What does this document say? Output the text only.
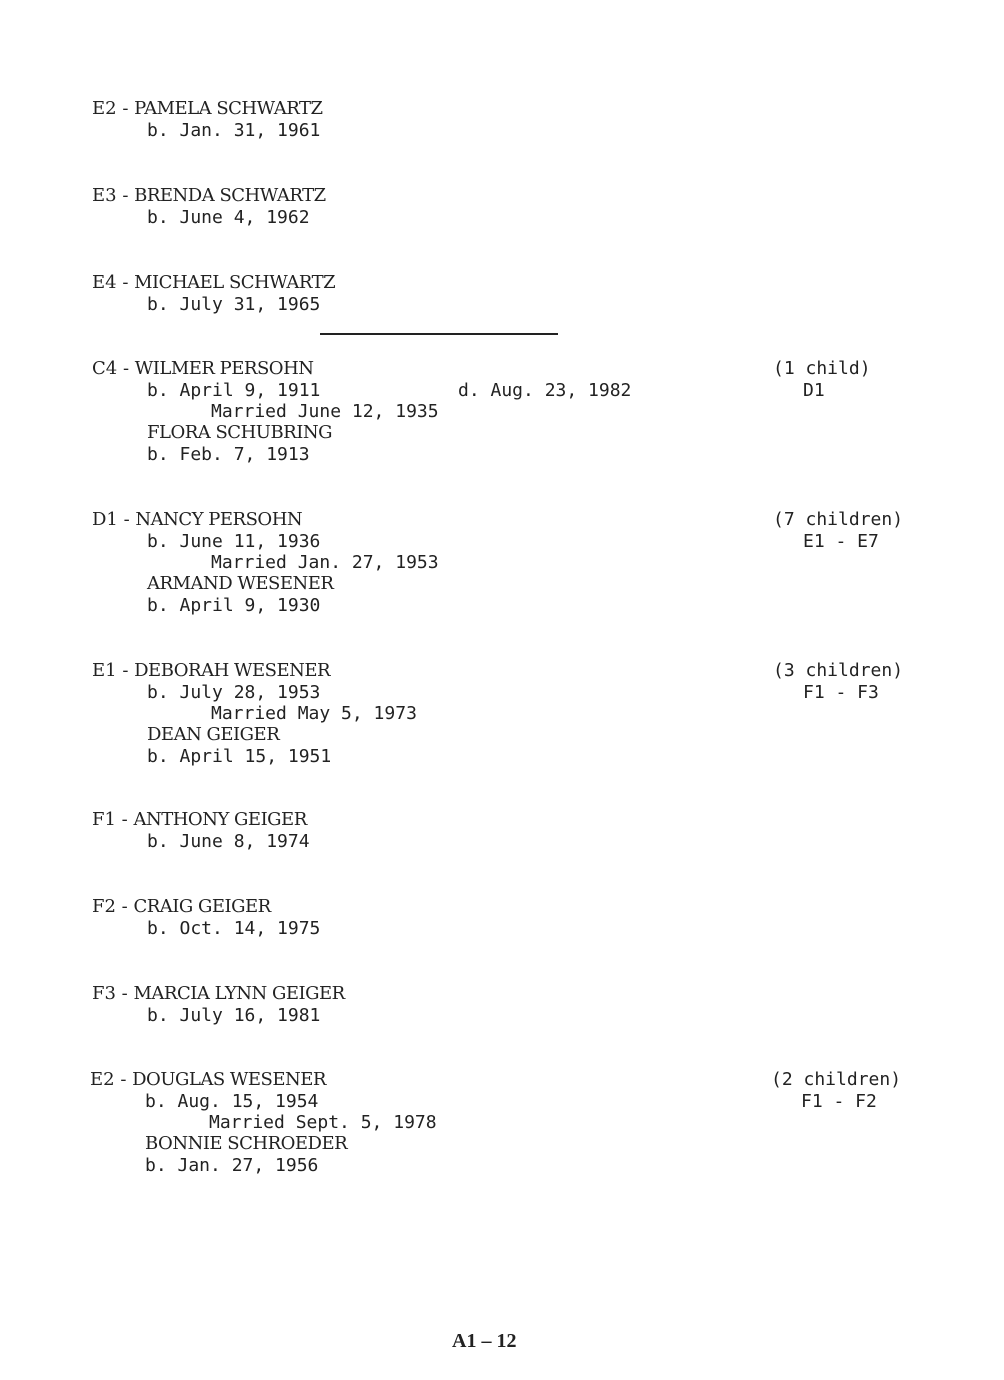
E2 - PAMELA SCHWARTZ
b. Jan. 31, 1961
E3 - BRENDA SCHWARTZ
b. June 4, 1962
E4 - MICHAEL SCHWARTZ
b. July 31, 1965
C4 - WILMER PERSOHN
b. April 9, 1911	d. Aug. 23, 1982
Married June 12, 1935
FLORA SCHUBRING
b. Feb. 7, 1913
(1 child)
D1
D1 - NANCY PERSOHN
b. June 11, 1936
Married Jan. 27, 1953
ARMAND WESENER
b. April 9, 1930
(7 children)
E1 - E7
E1 - DEBORAH WESENER
b. July 28, 1953
Married May 5, 1973
DEAN GEIGER
b. April 15, 1951
(3 children)
F1 - F3
F1 - ANTHONY GEIGER
b. June 8, 1974
F2 - CRAIG GEIGER
b. Oct. 14, 1975
F3 - MARCIA LYNN GEIGER
b. July 16, 1981
E2 - DOUGLAS WESENER
b. Aug. 15, 1954
Married Sept. 5, 1978
BONNIE SCHROEDER
b. Jan. 27, 1956
(2 children)
F1 - F2
A1 – 12
